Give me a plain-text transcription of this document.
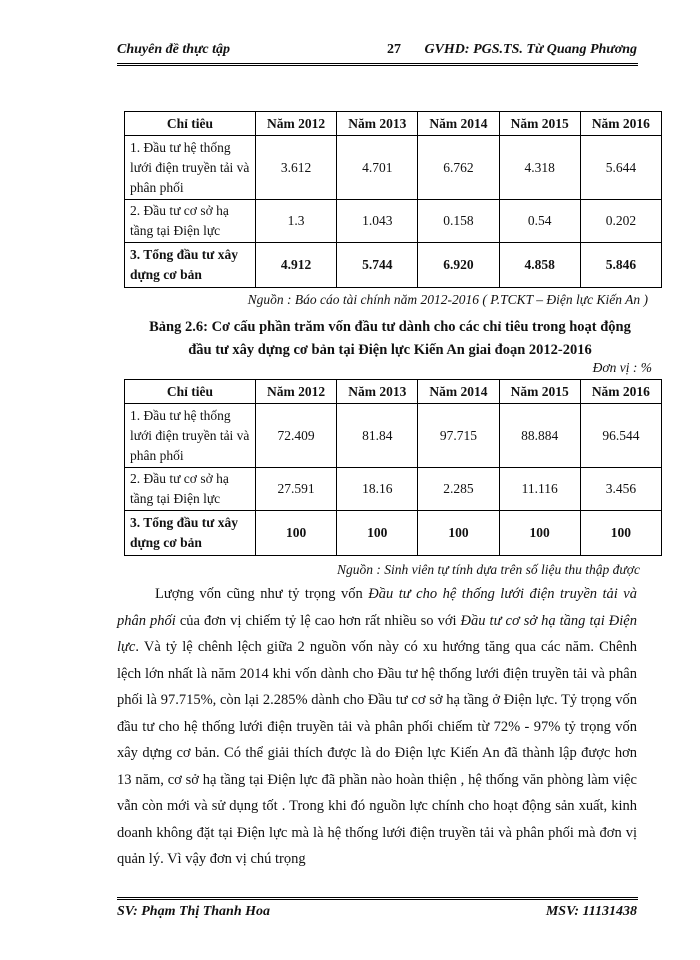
Chuyên đề thực tập	27 GVHD: PGS.TS. Từ Quang Phương
Chỉ tiêu	Năm 2012	Năm 2013	Năm 2014	Năm 2015	Năm 2016
1. Đầu tư hệ thống lưới điện truyền tải và phân phối	3.612	4.701	6.762	4.318	5.644
2. Đầu tư cơ sở hạ tầng tại Điện lực	1.3	1.043	0.158	0.54	0.202
3. Tổng đầu tư xây dựng cơ bản	4.912	5.744	6.920	4.858	5.846
Nguồn : Báo cáo tài chính năm 2012-2016 ( P.TCKT – Điện lực Kiến An )
Bảng 2.6: Cơ cấu phần trăm vốn đầu tư dành cho các chỉ tiêu trong hoạt động
đầu tư xây dựng cơ bản tại Điện lực Kiến An giai đoạn 2012-2016
Đơn vị : %
Chỉ tiêu	Năm 2012	Năm 2013	Năm 2014	Năm 2015	Năm 2016
1. Đầu tư hệ thống lưới điện truyền tải và phân phối	72.409	81.84	97.715	88.884	96.544
2. Đầu tư cơ sở hạ tầng tại Điện lực	27.591	18.16	2.285	11.116	3.456
3. Tổng đầu tư xây dựng cơ bản	100	100	100	100	100
Nguồn : Sinh viên tự tính dựa trên số liệu thu thập được

Lượng vốn cũng như tỷ trọng vốn Đầu tư cho hệ thống lưới điện truyền tải và phân phối của đơn vị chiếm tỷ lệ cao hơn rất nhiều so với Đầu tư cơ sở hạ tầng tại Điện lực. Và tỷ lệ chênh lệch giữa 2 nguồn vốn này có xu hướng tăng qua các năm. Chênh lệch lớn nhất là năm 2014 khi vốn dành cho Đầu tư hệ thống lưới điện truyền tải và phân phối là 97.715%, còn lại 2.285% dành cho Đầu tư cơ sở hạ tầng ở Điện lực. Tỷ trọng vốn đầu tư cho hệ thống lưới điện truyền tải và phân phối chiếm từ 72% - 97% tỷ trọng vốn xây dựng cơ bản. Có thể giải thích được là do Điện lực Kiến An đã thành lập được hơn 13 năm, cơ sở hạ tầng tại Điện lực đã phần nào hoàn thiện , hệ thống văn phòng làm việc vẫn còn mới và sử dụng tốt . Trong khi đó nguồn lực chính cho hoạt động sản xuất, kinh doanh không đặt tại Điện lực mà là hệ thống lưới điện truyền tải và phân phối mà đơn vị quản lý. Vì vậy đơn vị chú trọng

SV: Phạm Thị Thanh Hoa	MSV: 11131438
